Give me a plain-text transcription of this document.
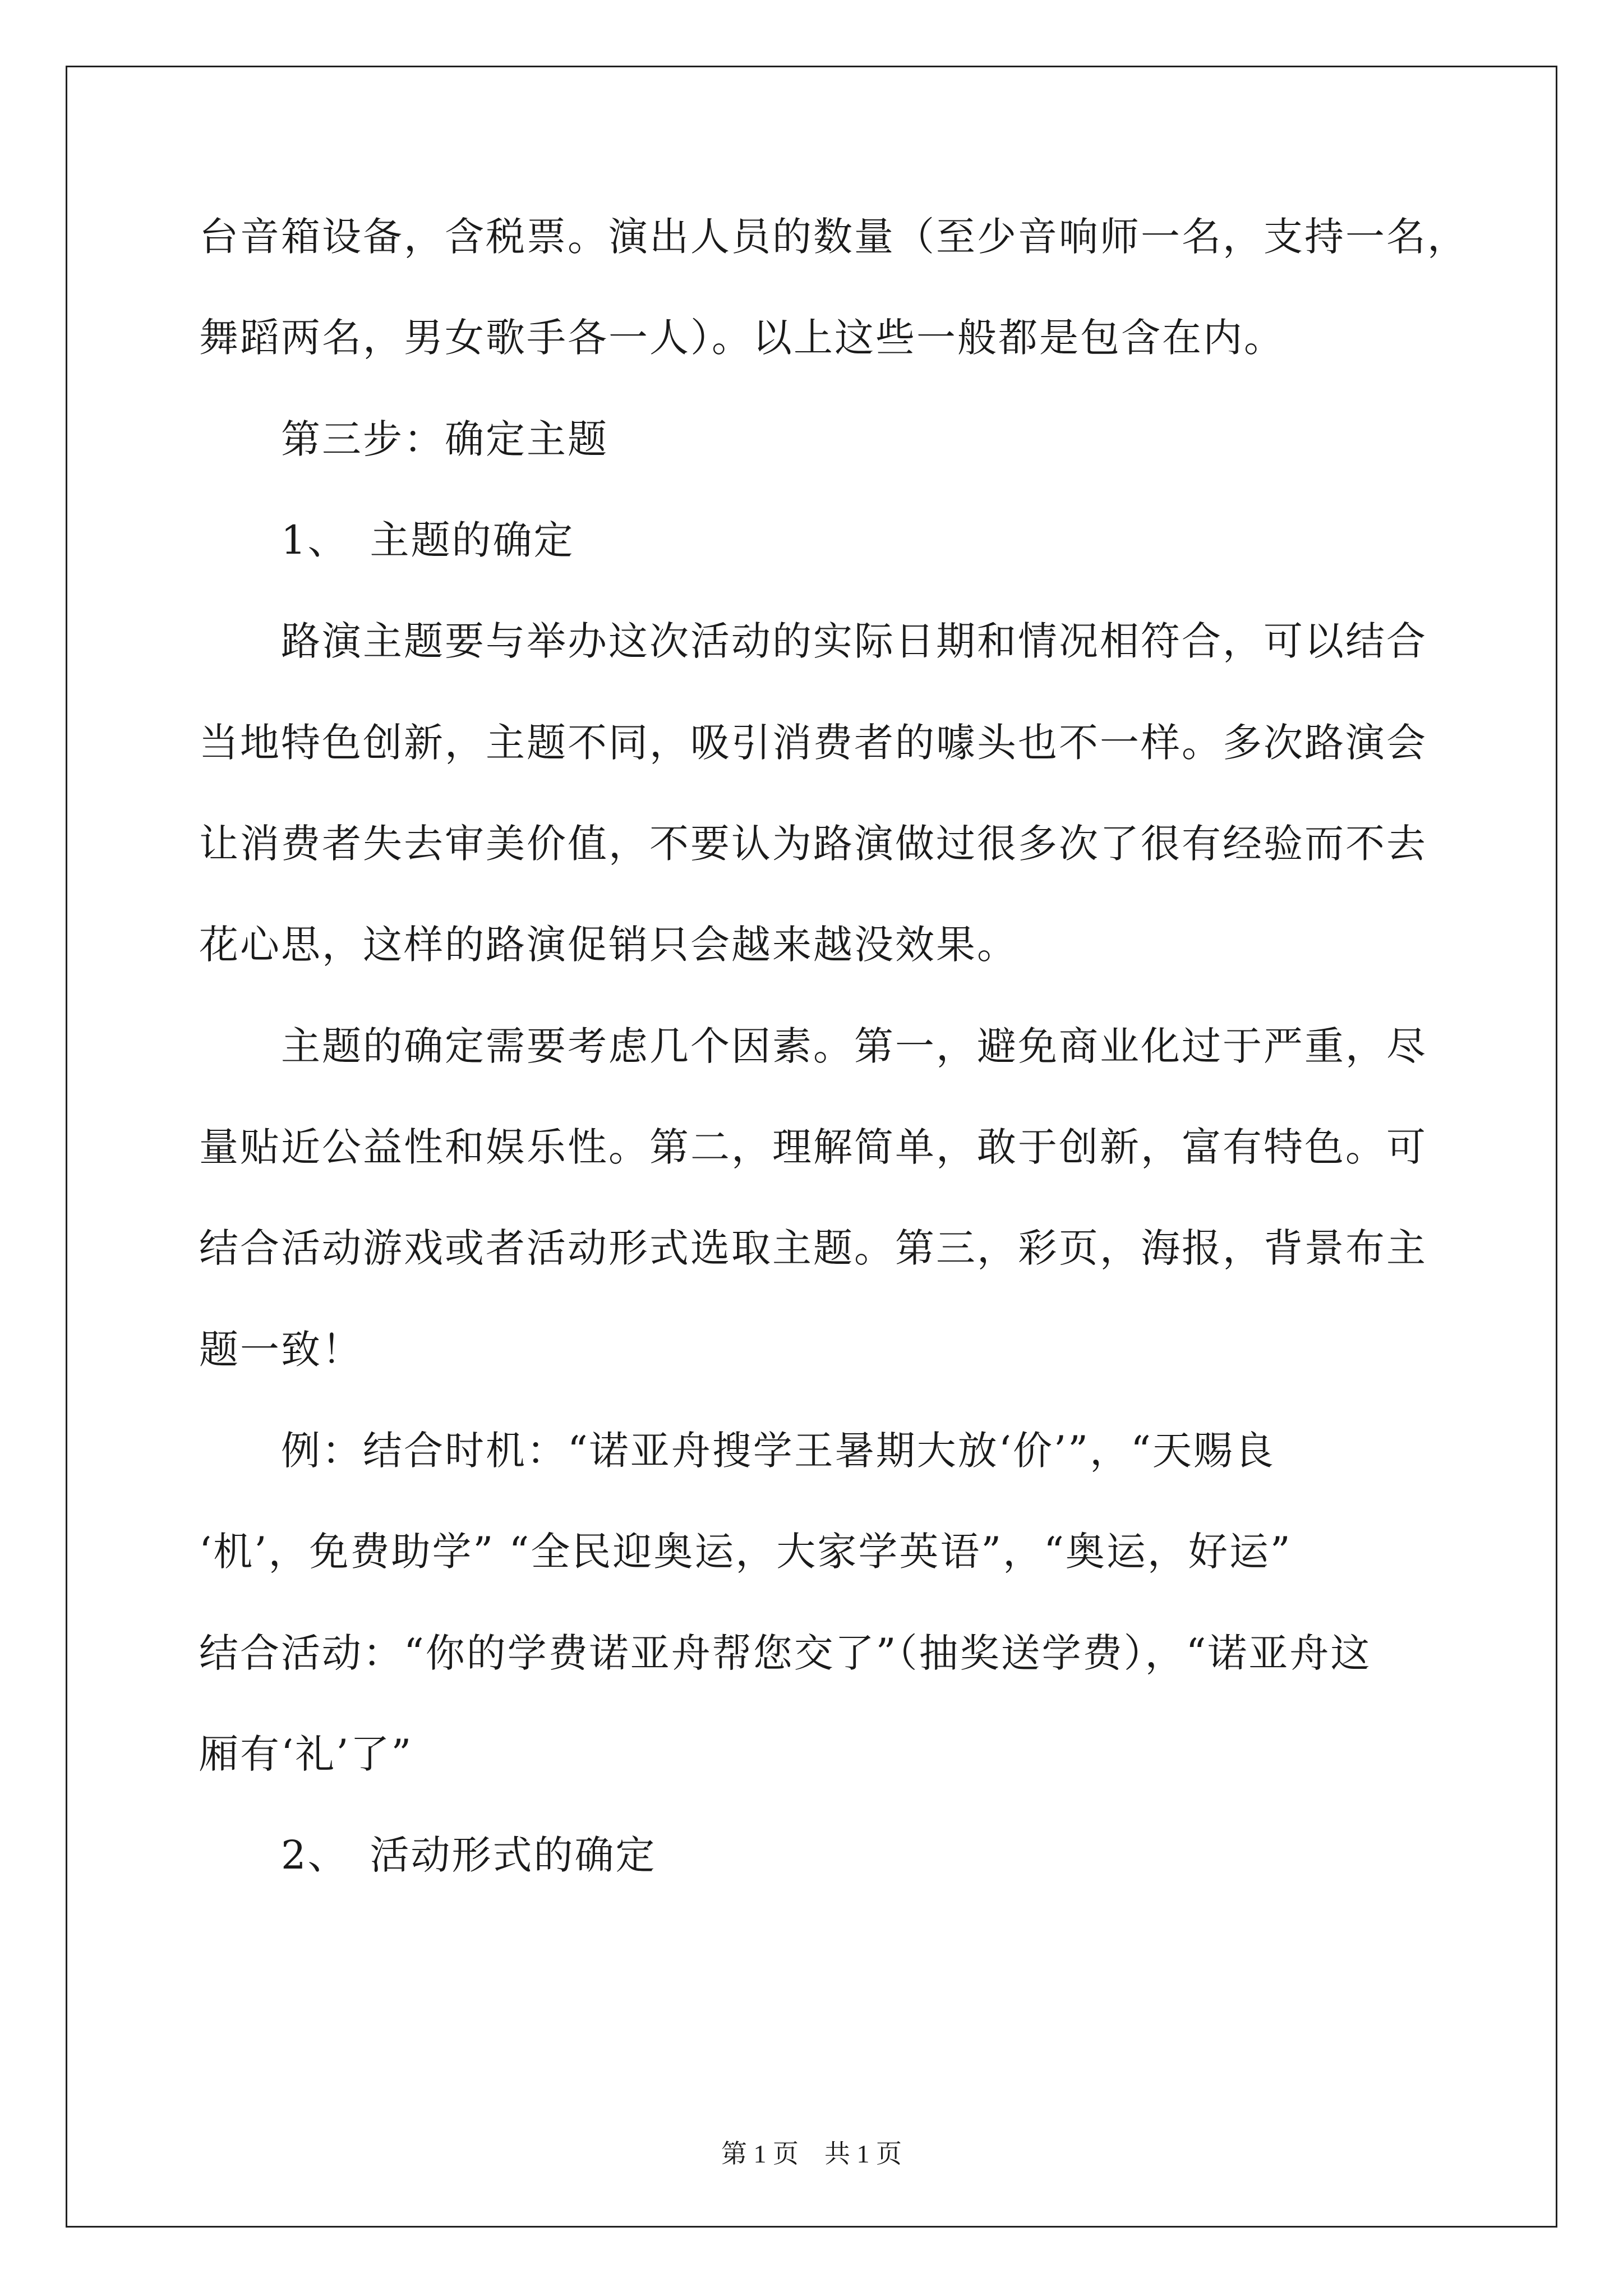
台音箱设备，含税票。演出人员的数量（至少音响师一名，支持一名，
舞蹈两名，男女歌手各一人）。以上这些一般都是包含在内。
　　第三步：确定主题
　　1、　主题的确定
　　路演主题要与举办这次活动的实际日期和情况相符合，可以结合
当地特色创新，主题不同，吸引消费者的噱头也不一样。多次路演会
让消费者失去审美价值，不要认为路演做过很多次了很有经验而不去
花心思，这样的路演促销只会越来越没效果。
　　主题的确定需要考虑几个因素。第一，避免商业化过于严重，尽
量贴近公益性和娱乐性。第二，理解简单，敢于创新，富有特色。可
结合活动游戏或者活动形式选取主题。第三，彩页，海报，背景布主
题一致！
　　例：结合时机：“诺亚舟搜学王暑期大放‘价’”，“天赐良
‘机’，免费助学” “全民迎奥运，大家学英语”，“奥运，好运”
结合活动：“你的学费诺亚舟帮您交了”（抽奖送学费），“诺亚舟这
厢有‘礼’了”
　　2、　活动形式的确定
第 1 页　共 1 页
